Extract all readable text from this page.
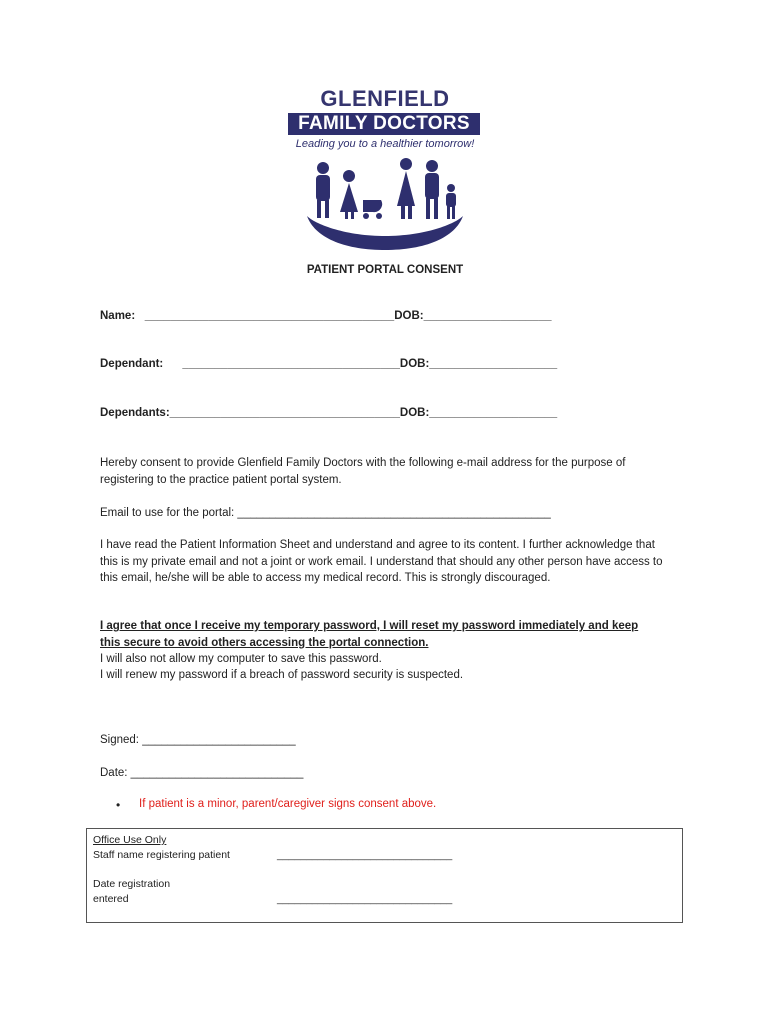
GLENFIELD
FAMILY DOCTORS
Leading you to a healthier tomorrow!
PATIENT PORTAL CONSENT
Name: _______________________________________DOB:____________________
Dependant: __________________________________DOB:____________________
Dependants:____________________________________DOB:____________________
Hereby consent to provide Glenfield Family Doctors with the following e-mail address for the purpose of registering to the practice patient portal system.
Email to use for the portal: _________________________________________________
I have read the Patient Information Sheet and understand and agree to its content. I further acknowledge that this is my private email and not a joint or work email. I understand that should any other person have access to this email, he/she will be able to access my medical record. This is strongly discouraged.
I agree that once I receive my temporary password, I will reset my password immediately and keep this secure to avoid others accessing the portal connection.
I will also not allow my computer to save this password.
I will renew my password if a breach of password security is suspected.
Signed: ________________________
Date: ___________________________
• If patient is a minor, parent/caregiver signs consent above.
Office Use Only
Staff name registering patient	______________________________
Date registration
entered	______________________________
